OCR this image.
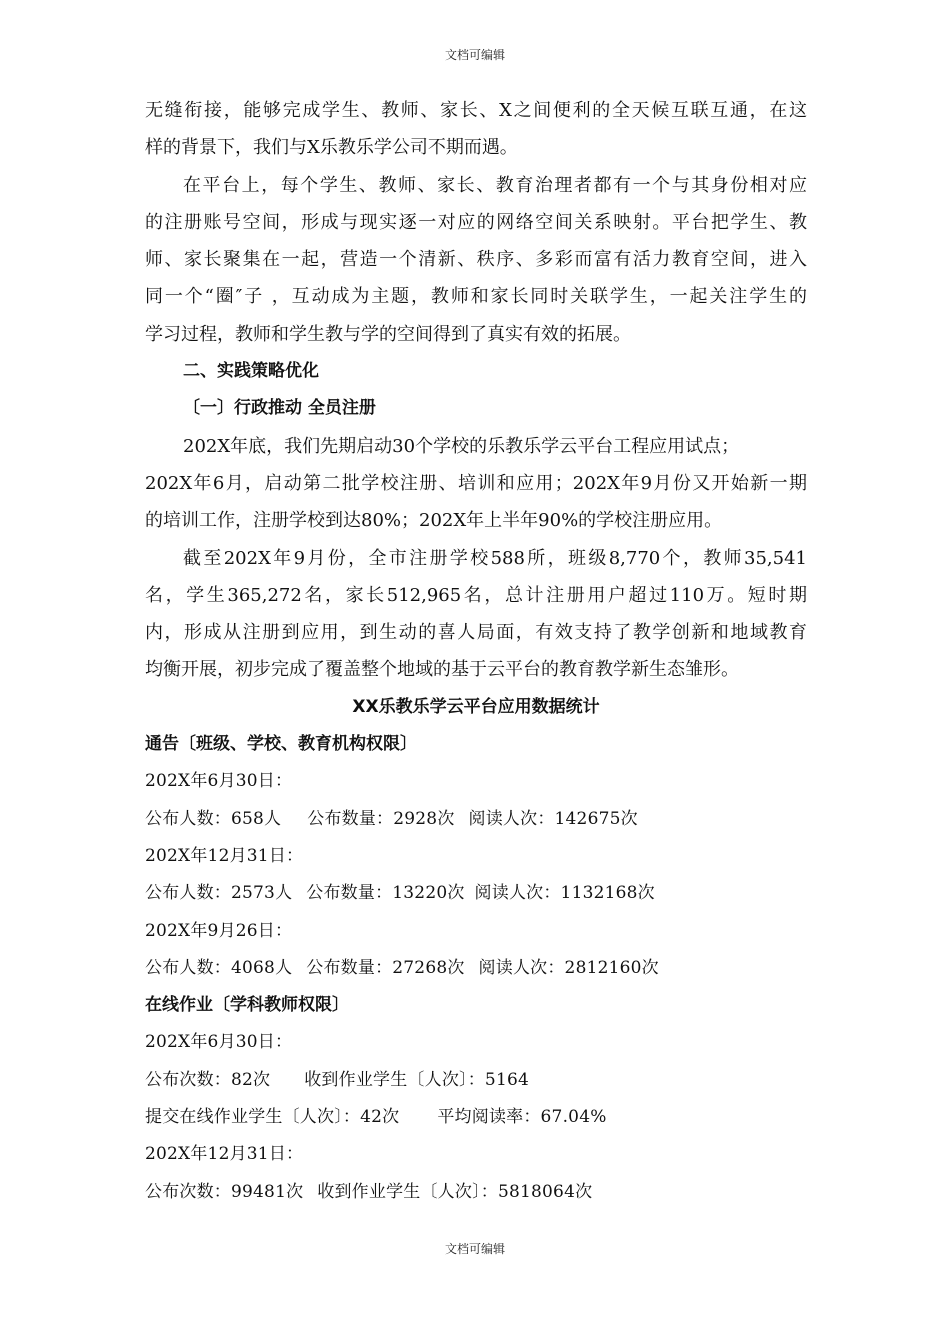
文档可编辑
无缝衔接，能够完成学生、教师、家长、X之间便利的全天候互联互通，在这
样的背景下，我们与X乐教乐学公司不期而遇。
在平台上，每个学生、教师、家长、教育治理者都有一个与其身份相对应
的注册账号空间，形成与现实逐一对应的网络空间关系映射。平台把学生、教
师、家长聚集在一起，营造一个清新、秩序、多彩而富有活力教育空间，进入
同一个“圈″子 ，互动成为主题，教师和家长同时关联学生，一起关注学生的
学习过程，教师和学生教与学的空间得到了真实有效的拓展。
二、实践策略优化
〔一〕行政推动 全员注册
202X年底，我们先期启动30个学校的乐教乐学云平台工程应用试点；
202X年6月，启动第二批学校注册、培训和应用；202X年9月份又开始新一期
的培训工作，注册学校到达80%；202X年上半年90%的学校注册应用。
截至202X年9月份，全市注册学校588所，班级8,770个，教师35,541
名，学生365,272名，家长512,965名，总计注册用户超过110万。短时期
内，形成从注册到应用，到生动的喜人局面，有效支持了教学创新和地域教育
均衡开展，初步完成了覆盖整个地域的基于云平台的教育教学新生态雏形。
XX乐教乐学云平台应用数据统计
通告〔班级、学校、教育机构权限〕
202X年6月30日：
公布人数：658人 公布数量：2928次 阅读人次：142675次
202X年12月31日：
公布人数：2573人 公布数量：13220次 阅读人次：1132168次
202X年9月26日：
公布人数：4068人 公布数量：27268次 阅读人次：2812160次
在线作业〔学科教师权限〕
202X年6月30日：
公布次数：82次 收到作业学生〔人次〕：5164
提交在线作业学生〔人次〕：42次 平均阅读率：67.04%
202X年12月31日：
公布次数：99481次 收到作业学生〔人次〕：5818064次
文档可编辑
